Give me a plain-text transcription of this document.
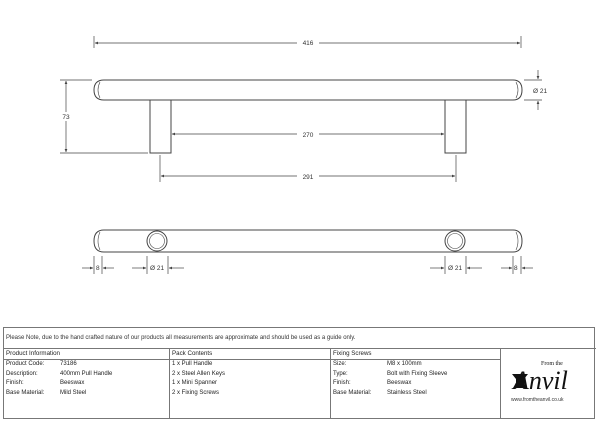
416
73
Ø 21
270
291
8	Ø 21	Ø 21	8
Please Note, due to the hand crafted nature of our products all measurements are approximate and should be used as a guide only.
Product Information
Product Code:	73186
Description:	400mm Pull Handle
Finish:	Beeswax
Base Material:	Mild Steel
Pack Contents
1 x Pull Handle
2 x Steel Allen Keys
1 x Mini Spanner
2 x Fixing Screws
Fixing Screws
Size:	M8 x 100mm
Type:	Bolt with Fixing Sleeve
Finish:	Beeswax
Base Material:	Stainless Steel
From the
Anvil
www.fromtheanvil.co.uk
